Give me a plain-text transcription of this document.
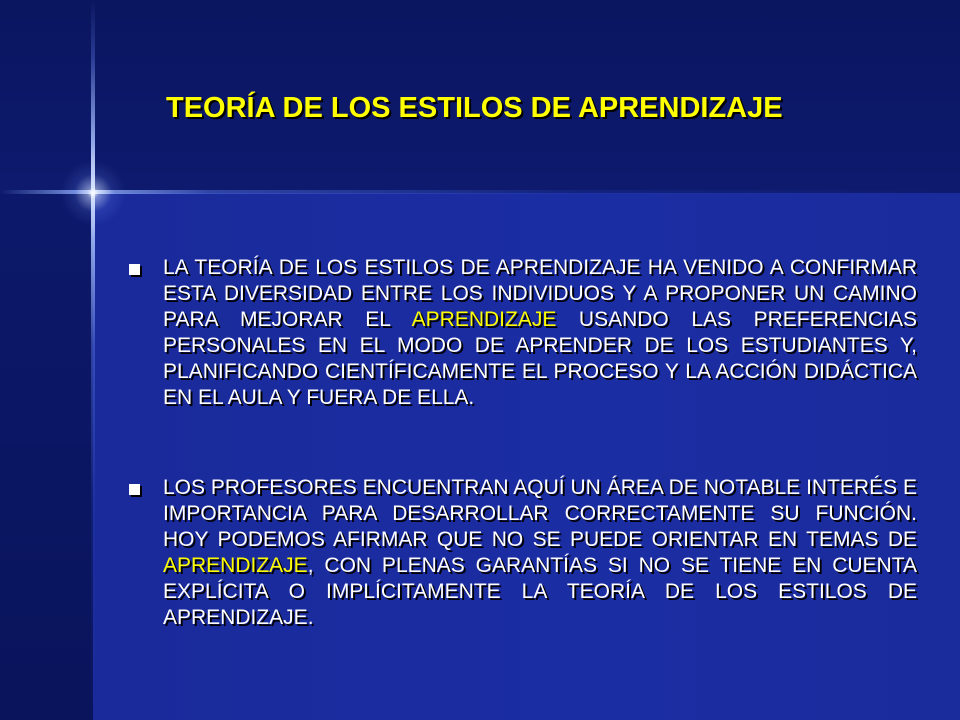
TEORÍA DE LOS ESTILOS DE APRENDIZAJE

LA TEORÍA DE LOS ESTILOS DE APRENDIZAJE HA VENIDO A CONFIRMAR ESTA DIVERSIDAD ENTRE LOS INDIVIDUOS Y A PROPONER UN CAMINO PARA MEJORAR EL APRENDIZAJE USANDO LAS PREFERENCIAS PERSONALES EN EL MODO DE APRENDER DE LOS ESTUDIANTES Y, PLANIFICANDO CIENTÍFICAMENTE EL PROCESO Y LA ACCIÓN DIDÁCTICA EN EL AULA Y FUERA DE ELLA.

LOS PROFESORES ENCUENTRAN AQUÍ UN ÁREA DE NOTABLE INTERÉS E IMPORTANCIA PARA DESARROLLAR CORRECTAMENTE SU FUNCIÓN. HOY PODEMOS AFIRMAR QUE NO SE PUEDE ORIENTAR EN TEMAS DE APRENDIZAJE, CON PLENAS GARANTÍAS SI NO SE TIENE EN CUENTA EXPLÍCITA O IMPLÍCITAMENTE LA TEORÍA DE LOS ESTILOS DE APRENDIZAJE.
